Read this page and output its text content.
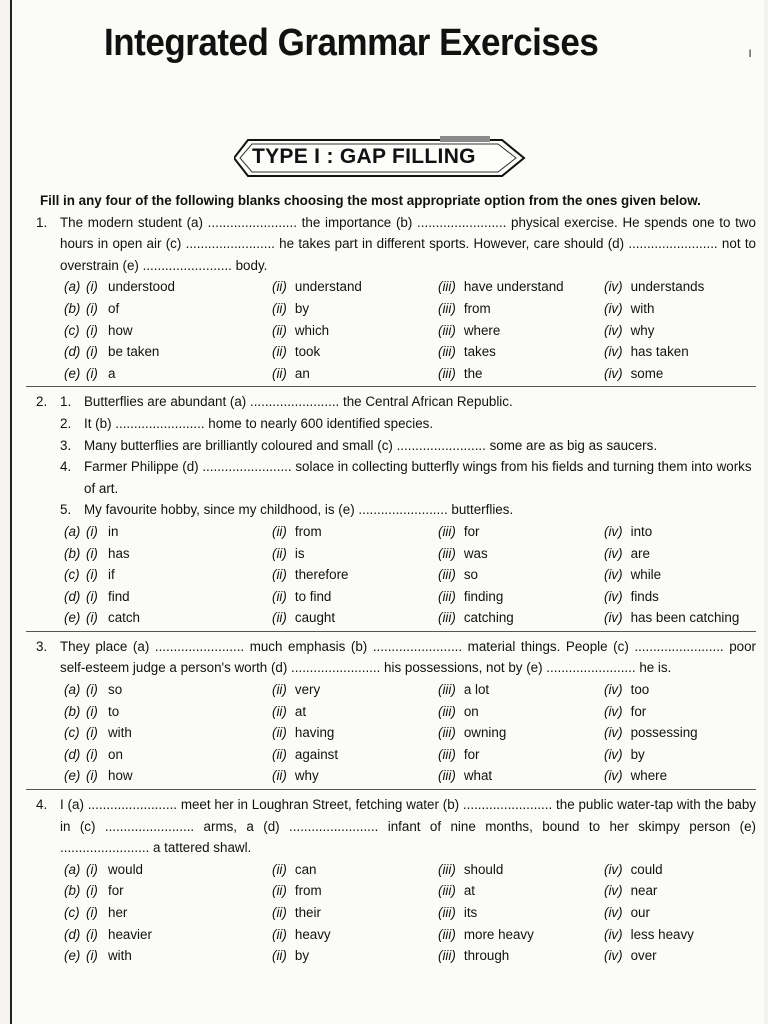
Integrated Grammar Exercises	ı
TYPE I : GAP FILLING
Fill in any four of the following blanks choosing the most appropriate option from the ones given below.
1. The modern student (a) ........................ the importance (b) ........................ physical exercise. He spends one to two hours in open air (c) ........................ he takes part in different sports. However, care should (d) ........................ not to overstrain (e) ........................ body.
(a) (i) understood	(ii) understand	(iii) have understand	(iv) understands
(b) (i) of	(ii) by	(iii) from	(iv) with
(c) (i) how	(ii) which	(iii) where	(iv) why
(d) (i) be taken	(ii) took	(iii) takes	(iv) has taken
(e) (i) a	(ii) an	(iii) the	(iv) some
2. 1. Butterflies are abundant (a) ........................ the Central African Republic.
2. It (b) ........................ home to nearly 600 identified species.
3. Many butterflies are brilliantly coloured and small (c) ........................ some are as big as saucers.
4. Farmer Philippe (d) ........................ solace in collecting butterfly wings from his fields and turning them into works of art.
5. My favourite hobby, since my childhood, is (e) ........................ butterflies.
(a) (i) in	(ii) from	(iii) for	(iv) into
(b) (i) has	(ii) is	(iii) was	(iv) are
(c) (i) if	(ii) therefore	(iii) so	(iv) while
(d) (i) find	(ii) to find	(iii) finding	(iv) finds
(e) (i) catch	(ii) caught	(iii) catching	(iv) has been catching
3. They place (a) ........................ much emphasis (b) ........................ material things. People (c) ........................ poor self-esteem judge a person's worth (d) ........................ his possessions, not by (e) ........................ he is.
(a) (i) so	(ii) very	(iii) a lot	(iv) too
(b) (i) to	(ii) at	(iii) on	(iv) for
(c) (i) with	(ii) having	(iii) owning	(iv) possessing
(d) (i) on	(ii) against	(iii) for	(iv) by
(e) (i) how	(ii) why	(iii) what	(iv) where
4. I (a) ........................ meet her in Loughran Street, fetching water (b) ........................ the public water-tap with the baby in (c) ........................ arms, a (d) ........................ infant of nine months, bound to her skimpy person (e) ........................ a tattered shawl.
(a) (i) would	(ii) can	(iii) should	(iv) could
(b) (i) for	(ii) from	(iii) at	(iv) near
(c) (i) her	(ii) their	(iii) its	(iv) our
(d) (i) heavier	(ii) heavy	(iii) more heavy	(iv) less heavy
(e) (i) with	(ii) by	(iii) through	(iv) over
